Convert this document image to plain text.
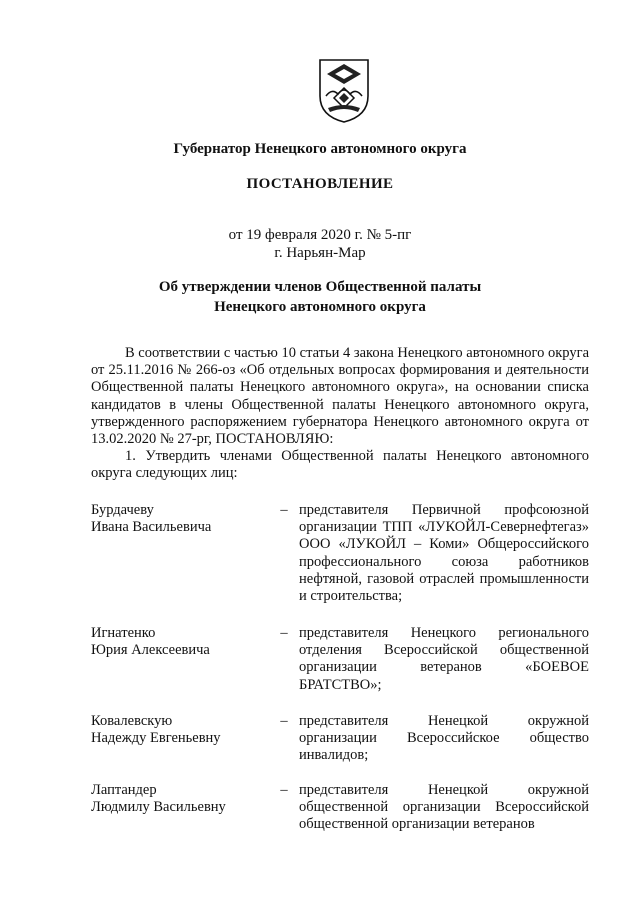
Губернатор Ненецкого автономного округа
ПОСТАНОВЛЕНИЕ
от 19 февраля 2020 г. № 5-пг
г. Нарьян-Мар
Об утверждении членов Общественной палаты
Ненецкого автономного округа

В соответствии с частью 10 статьи 4 закона Ненецкого автономного округа от 25.11.2016 № 266-оз «Об отдельных вопросах формирования и деятельности Общественной палаты Ненецкого автономного округа», на основании списка кандидатов в члены Общественной палаты Ненецкого автономного округа, утвержденного распоряжением губернатора Ненецкого автономного округа от 13.02.2020 № 27-рг, ПОСТАНОВЛЯЮ:

1. Утвердить членами Общественной палаты Ненецкого автономного округа следующих лиц:

Бурдачеву
Ивана Васильевича
– представителя Первичной профсоюзной организации ТПП «ЛУКОЙЛ-Севернефтегаз» ООО «ЛУКОЙЛ – Коми» Общероссийского профессионального союза работников нефтяной, газовой отраслей промышленности и строительства;
Игнатенко
Юрия Алексеевича
– представителя Ненецкого регионального отделения Всероссийской общественной организации ветеранов «БОЕВОЕ БРАТСТВО»;
Ковалевскую
Надежду Евгеньевну
– представителя Ненецкой окружной организации Всероссийское общество инвалидов;
Лаптандер
Людмилу Васильевну
– представителя Ненецкой окружной общественной организации Всероссийской общественной организации ветеранов
